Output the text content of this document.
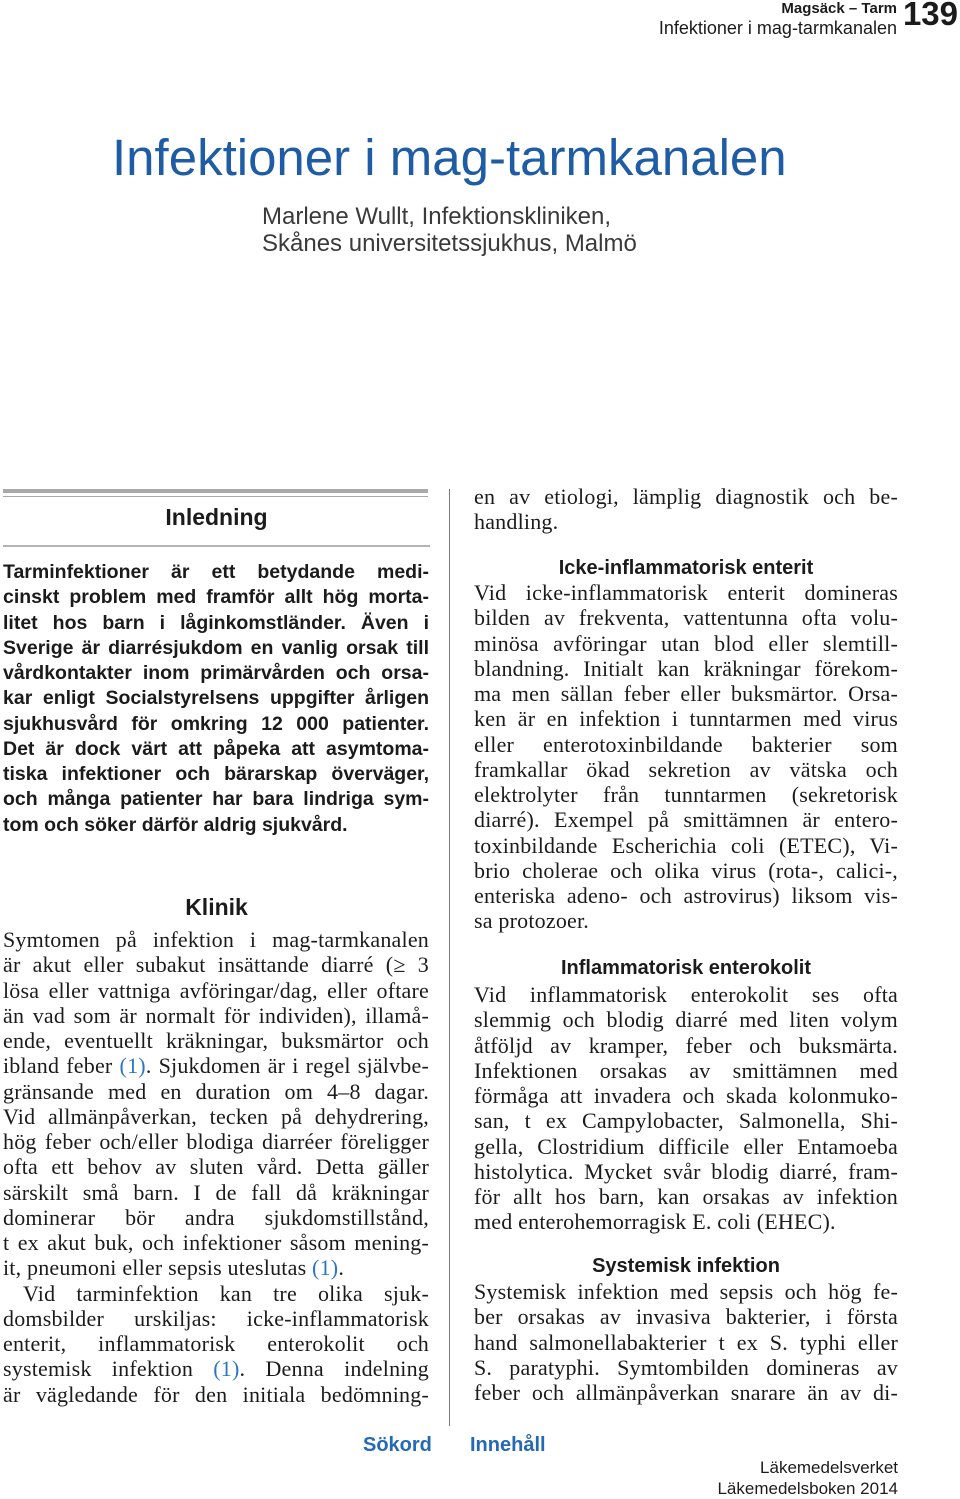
Magsäck – Tarm
Infektioner i mag-tarmkanalen 139
Infektioner i mag-tarmkanalen
Marlene Wullt, Infektionskliniken,
Skånes universitetssjukhus, Malmö
Inledning
Tarminfektioner är ett betydande medi-
cinskt problem med framför allt hög morta-
litet hos barn i låginkomstländer. Även i
Sverige är diarrésjukdom en vanlig orsak till
vårdkontakter inom primärvården och orsa-
kar enligt Socialstyrelsens uppgifter årligen
sjukhusvård för omkring 12 000 patienter.
Det är dock värt att påpeka att asymtoma-
tiska infektioner och bärarskap överväger,
och många patienter har bara lindriga sym-
tom och söker därför aldrig sjukvård.
Klinik
Symtomen på infektion i mag-tarmkanalen
är akut eller subakut insättande diarré (≥ 3
lösa eller vattniga avföringar/dag, eller oftare
än vad som är normalt för individen), illamå-
ende, eventuellt kräkningar, buksmärtor och
ibland feber (1). Sjukdomen är i regel självbe-
gränsande med en duration om 4–8 dagar.
Vid allmänpåverkan, tecken på dehydrering,
hög feber och/eller blodiga diarréer föreligger
ofta ett behov av sluten vård. Detta gäller
särskilt små barn. I de fall då kräkningar
dominerar bör andra sjukdomstillstånd,
t ex akut buk, och infektioner såsom mening-
it, pneumoni eller sepsis uteslutas (1).
Vid tarminfektion kan tre olika sjuk-
domsbilder urskiljas: icke-inflammatorisk
enterit, inflammatorisk enterokolit och
systemisk infektion (1). Denna indelning
är vägledande för den initiala bedömning-
en av etiologi, lämplig diagnostik och be-
handling.
Icke-inflammatorisk enterit
Vid icke-inflammatorisk enterit domineras
bilden av frekventa, vattentunna ofta volu-
minösa avföringar utan blod eller slemtill-
blandning. Initialt kan kräkningar förekom-
ma men sällan feber eller buksmärtor. Orsa-
ken är en infektion i tunntarmen med virus
eller enterotoxinbildande bakterier som
framkallar ökad sekretion av vätska och
elektrolyter från tunntarmen (sekretorisk
diarré). Exempel på smittämnen är entero-
toxinbildande Escherichia coli (ETEC), Vi-
brio cholerae och olika virus (rota-, calici-,
enteriska adeno- och astrovirus) liksom vis-
sa protozoer.
Inflammatorisk enterokolit
Vid inflammatorisk enterokolit ses ofta
slemmig och blodig diarré med liten volym
åtföljd av kramper, feber och buksmärta.
Infektionen orsakas av smittämnen med
förmåga att invadera och skada kolonmuko-
san, t ex Campylobacter, Salmonella, Shi-
gella, Clostridium difficile eller Entamoeba
histolytica. Mycket svår blodig diarré, fram-
för allt hos barn, kan orsakas av infektion
med enterohemorragisk E. coli (EHEC).
Systemisk infektion
Systemisk infektion med sepsis och hög fe-
ber orsakas av invasiva bakterier, i första
hand salmonellabakterier t ex S. typhi eller
S. paratyphi. Symtombilden domineras av
feber och allmänpåverkan snarare än av di-
Sökord Innehåll
Läkemedelsverket
Läkemedelsboken 2014
